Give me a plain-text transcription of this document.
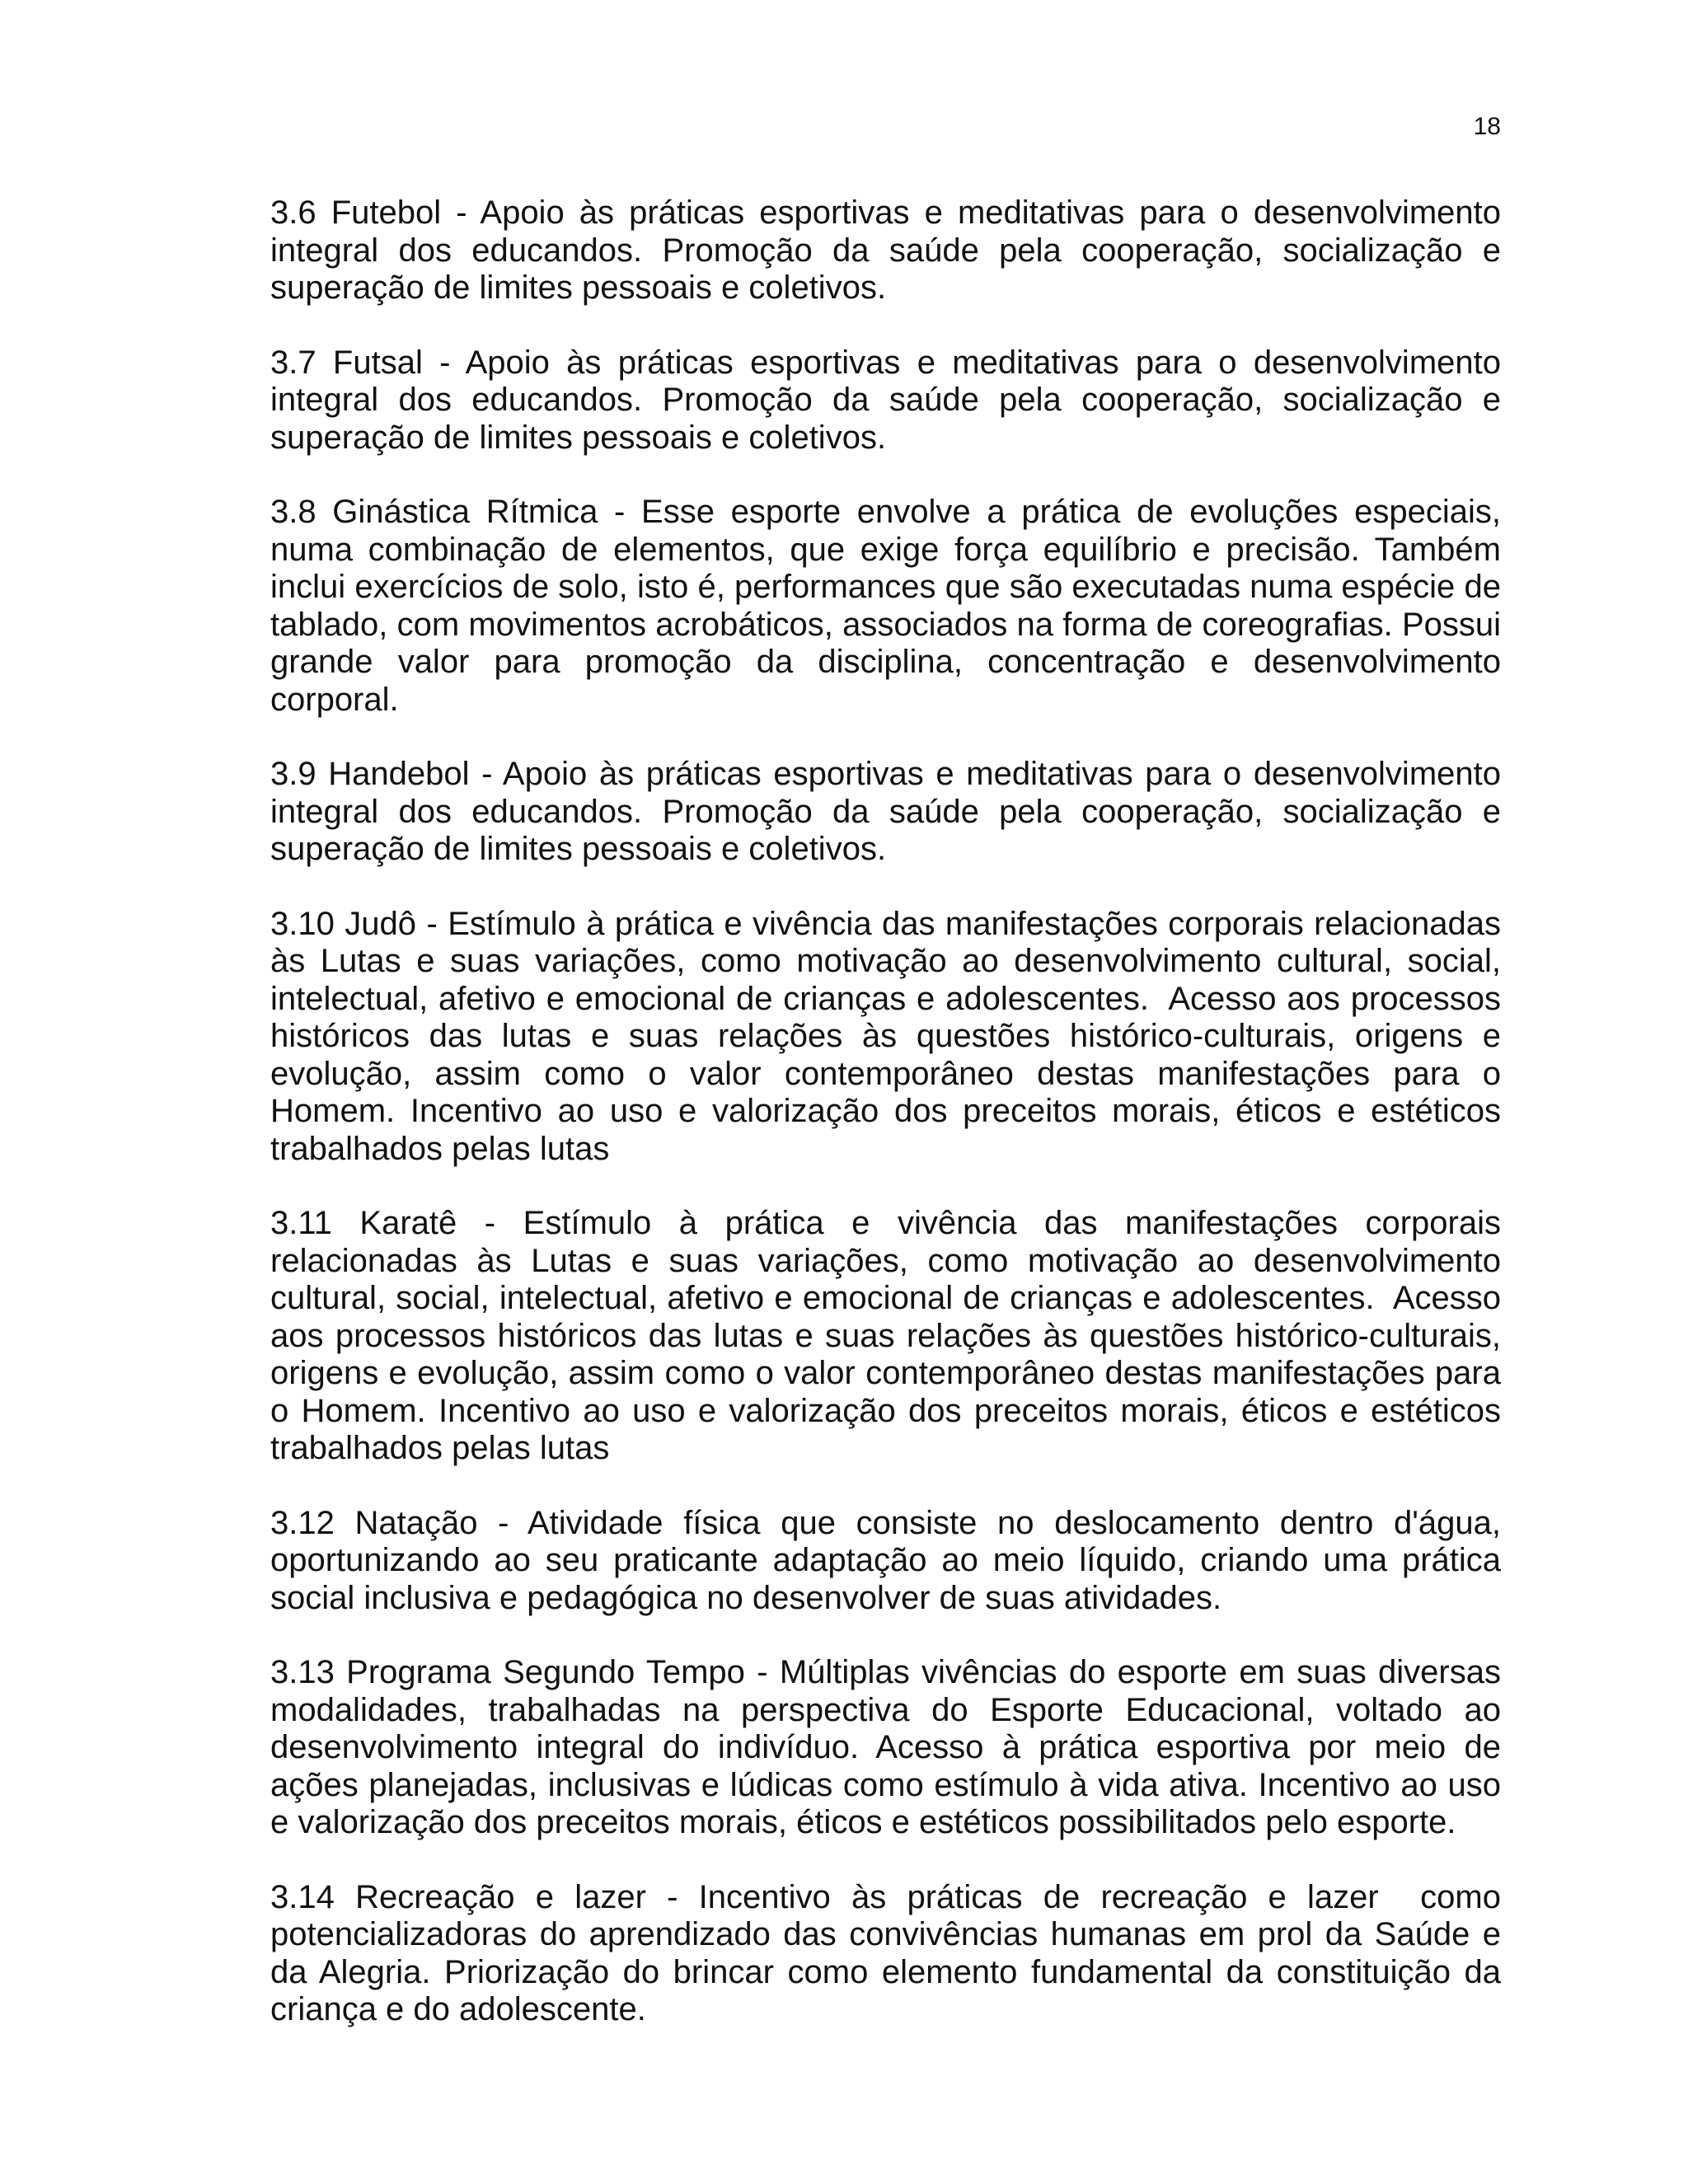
18

3.6 Futebol - Apoio às práticas esportivas e meditativas para o desenvolvimento integral dos educandos. Promoção da saúde pela cooperação, socialização e superação de limites pessoais e coletivos.

3.7 Futsal - Apoio às práticas esportivas e meditativas para o desenvolvimento integral dos educandos. Promoção da saúde pela cooperação, socialização e superação de limites pessoais e coletivos.

3.8 Ginástica Rítmica - Esse esporte envolve a prática de evoluções especiais, numa combinação de elementos, que exige força equilíbrio e precisão. Também inclui exercícios de solo, isto é, performances que são executadas numa espécie de tablado, com movimentos acrobáticos, associados na forma de coreografias. Possui grande valor para promoção da disciplina, concentração e desenvolvimento corporal.

3.9 Handebol - Apoio às práticas esportivas e meditativas para o desenvolvimento integral dos educandos. Promoção da saúde pela cooperação, socialização e superação de limites pessoais e coletivos.

3.10 Judô - Estímulo à prática e vivência das manifestações corporais relacionadas às Lutas e suas variações, como motivação ao desenvolvimento cultural, social, intelectual, afetivo e emocional de crianças e adolescentes.  Acesso aos processos históricos das lutas e suas relações às questões histórico-culturais, origens e evolução, assim como o valor contemporâneo destas manifestações para o Homem. Incentivo ao uso e valorização dos preceitos morais, éticos e estéticos trabalhados pelas lutas

3.11 Karatê - Estímulo à prática e vivência das manifestações corporais relacionadas às Lutas e suas variações, como motivação ao desenvolvimento cultural, social, intelectual, afetivo e emocional de crianças e adolescentes.  Acesso aos processos históricos das lutas e suas relações às questões histórico-culturais, origens e evolução, assim como o valor contemporâneo destas manifestações para o Homem. Incentivo ao uso e valorização dos preceitos morais, éticos e estéticos trabalhados pelas lutas

3.12 Natação - Atividade física que consiste no deslocamento dentro d'água, oportunizando ao seu praticante adaptação ao meio líquido, criando uma prática social inclusiva e pedagógica no desenvolver de suas atividades.

3.13 Programa Segundo Tempo - Múltiplas vivências do esporte em suas diversas modalidades, trabalhadas na perspectiva do Esporte Educacional, voltado ao desenvolvimento integral do indivíduo. Acesso à prática esportiva por meio de ações planejadas, inclusivas e lúdicas como estímulo à vida ativa. Incentivo ao uso e valorização dos preceitos morais, éticos e estéticos possibilitados pelo esporte.

3.14 Recreação e lazer - Incentivo às práticas de recreação e lazer  como potencializadoras do aprendizado das convivências humanas em prol da Saúde e da Alegria. Priorização do brincar como elemento fundamental da constituição da criança e do adolescente.
